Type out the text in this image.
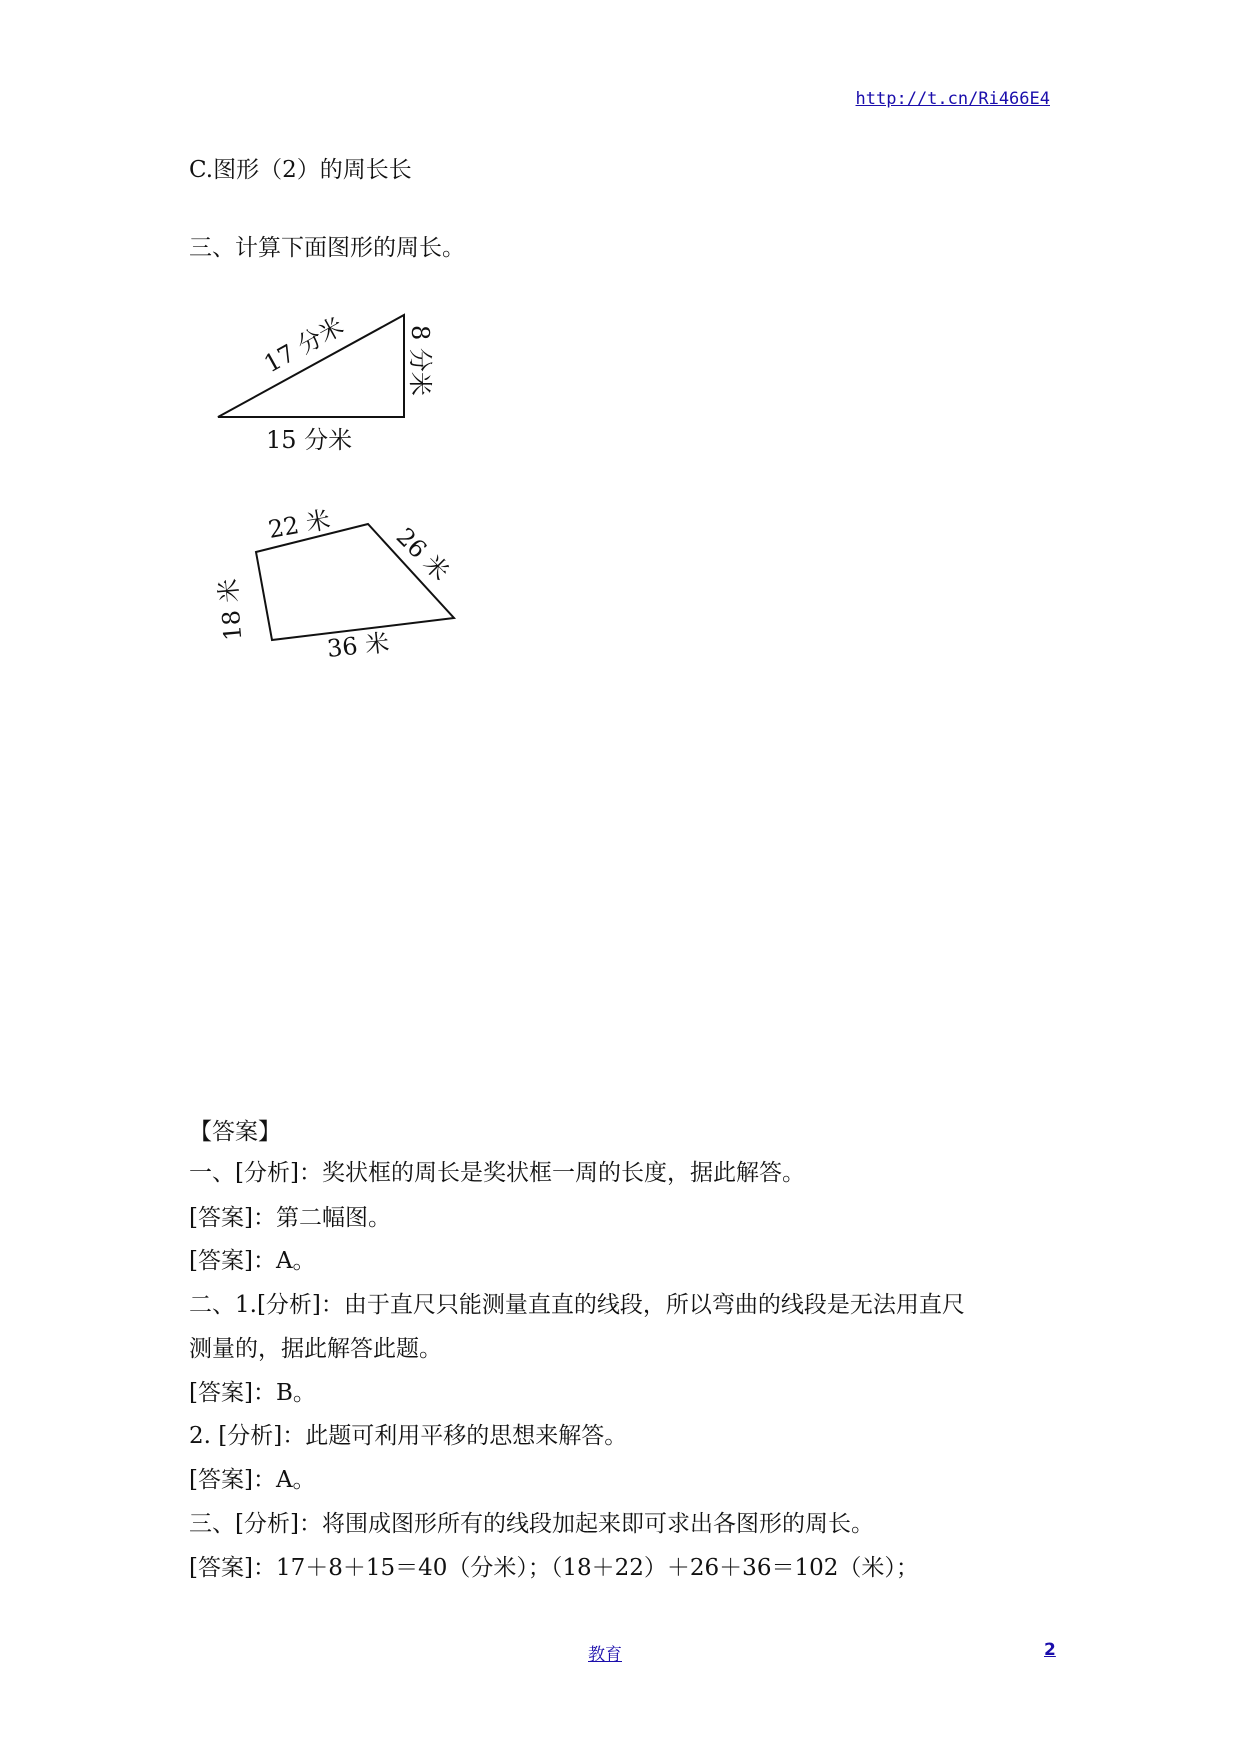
http://t.cn/Ri466E4
C.图形（2）的周长长
三、计算下面图形的周长。
17 分米 8 分米
15 分米
22 米 26 米
18 米
36 米
【答案】
一、[分析]：奖状框的周长是奖状框一周的长度，据此解答。
[答案]：第二幅图。
[答案]：A。
二、1.[分析]：由于直尺只能测量直直的线段，所以弯曲的线段是无法用直尺
测量的，据此解答此题。
[答案]：B。
2. [分析]：此题可利用平移的思想来解答。
[答案]：A。
三、[分析]：将围成图形所有的线段加起来即可求出各图形的周长。
[答案]：17＋8＋15＝40（分米）；（18＋22）＋26＋36＝102（米）；
教育	2
